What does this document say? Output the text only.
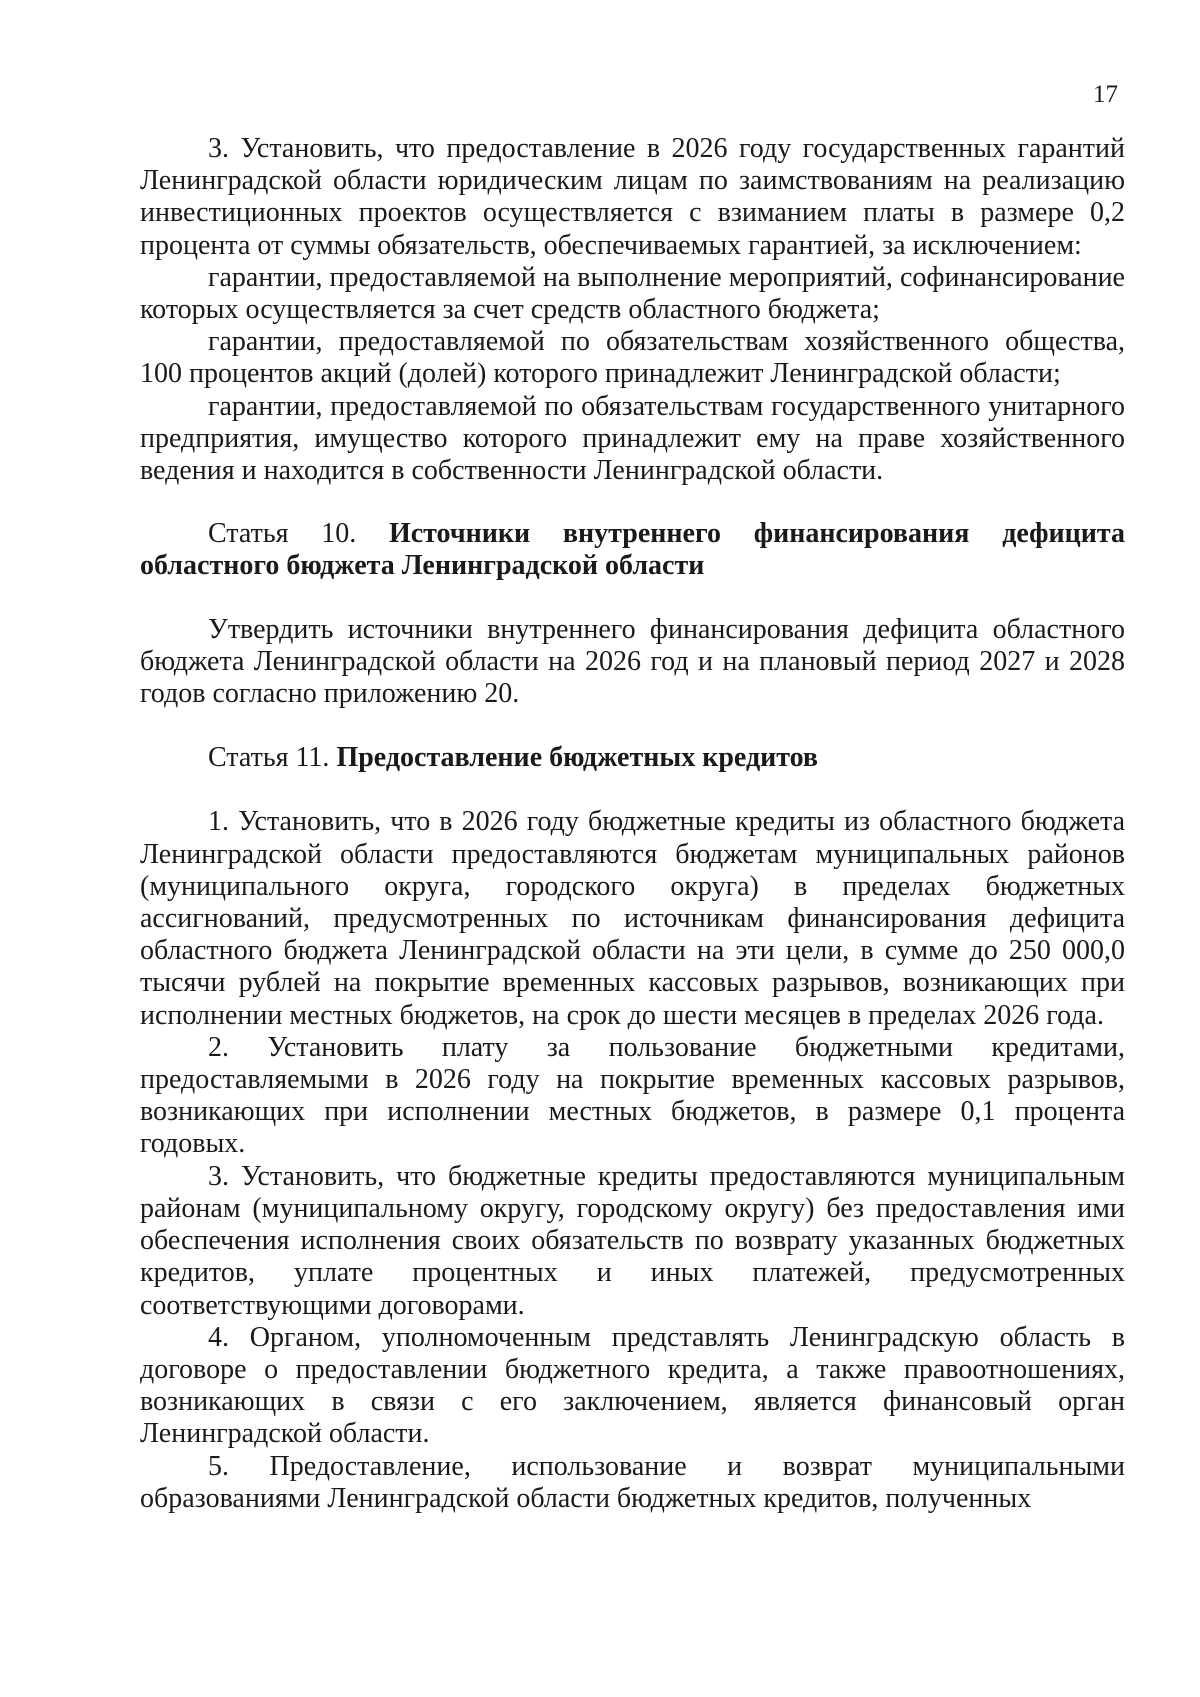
17

3. Установить, что предоставление в 2026 году государственных гарантий Ленинградской области юридическим лицам по заимствованиям на реализацию инвестиционных проектов осуществляется с взиманием платы в размере 0,2 процента от суммы обязательств, обеспечиваемых гарантией, за исключением:

гарантии, предоставляемой на выполнение мероприятий, софинансирование которых осуществляется за счет средств областного бюджета;

гарантии, предоставляемой по обязательствам хозяйственного общества, 100 процентов акций (долей) которого принадлежит Ленинградской области;

гарантии, предоставляемой по обязательствам государственного унитарного предприятия, имущество которого принадлежит ему на праве хозяйственного ведения и находится в собственности Ленинградской области.

Статья 10. Источники внутреннего финансирования дефицита областного бюджета Ленинградской области

Утвердить источники внутреннего финансирования дефицита областного бюджета Ленинградской области на 2026 год и на плановый период 2027 и 2028 годов согласно приложению 20.

Статья 11. Предоставление бюджетных кредитов

1. Установить, что в 2026 году бюджетные кредиты из областного бюджета Ленинградской области предоставляются бюджетам муниципальных районов (муниципального округа, городского округа) в пределах бюджетных ассигнований, предусмотренных по источникам финансирования дефицита областного бюджета Ленинградской области на эти цели, в сумме до 250 000,0 тысячи рублей на покрытие временных кассовых разрывов, возникающих при исполнении местных бюджетов, на срок до шести месяцев в пределах 2026 года.

2. Установить плату за пользование бюджетными кредитами, предоставляемыми в 2026 году на покрытие временных кассовых разрывов, возникающих при исполнении местных бюджетов, в размере 0,1 процента годовых.

3. Установить, что бюджетные кредиты предоставляются муниципальным районам (муниципальному округу, городскому округу) без предоставления ими обеспечения исполнения своих обязательств по возврату указанных бюджетных кредитов, уплате процентных и иных платежей, предусмотренных соответствующими договорами.

4. Органом, уполномоченным представлять Ленинградскую область в договоре о предоставлении бюджетного кредита, а также правоотношениях, возникающих в связи с его заключением, является финансовый орган Ленинградской области.

5. Предоставление, использование и возврат муниципальными образованиями Ленинградской области бюджетных кредитов, полученных
